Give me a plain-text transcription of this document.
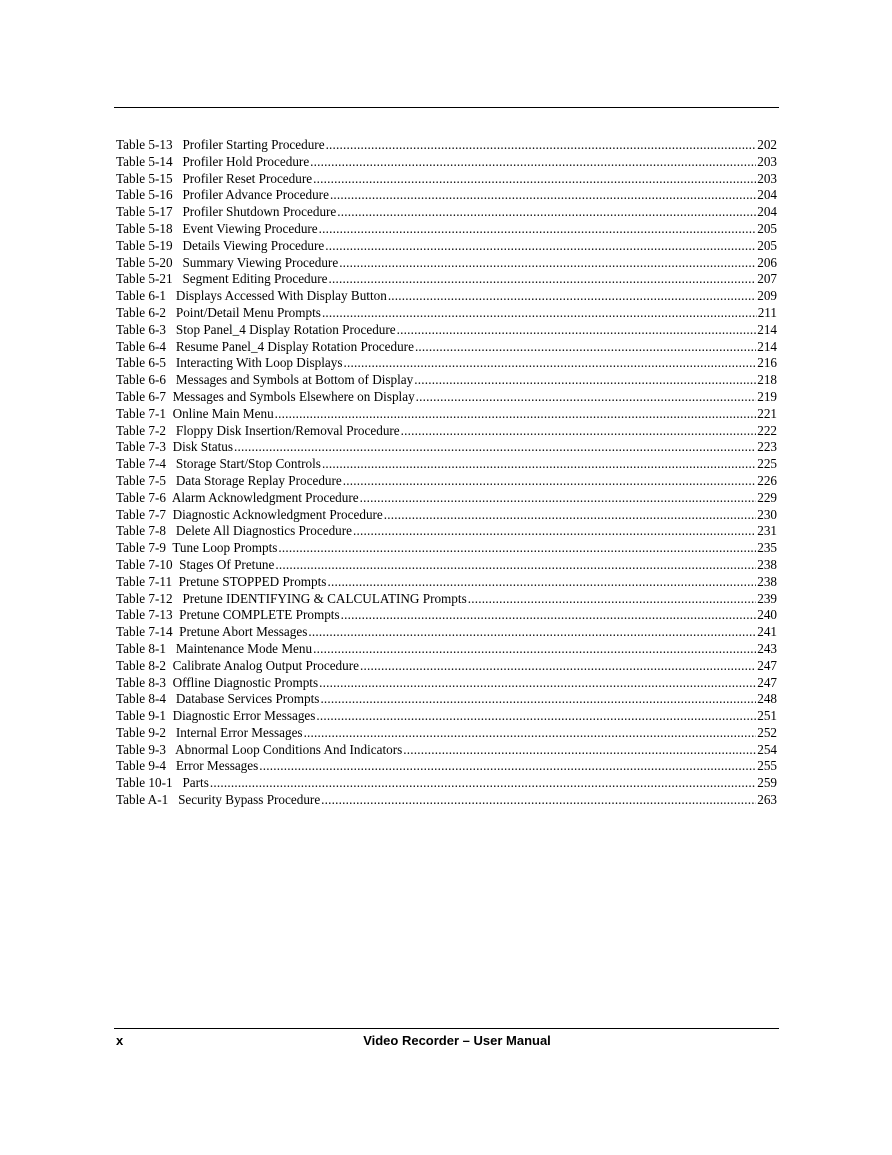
Table 5-13   Profiler Starting Procedure .....	202
Table 5-14   Profiler Hold Procedure .....	203
Table 5-15   Profiler Reset Procedure .....	203
Table 5-16   Profiler Advance Procedure .....	204
Table 5-17   Profiler Shutdown Procedure .....	204
Table 5-18   Event Viewing Procedure .....	205
Table 5-19   Details Viewing Procedure .....	205
Table 5-20   Summary Viewing Procedure .....	206
Table 5-21   Segment Editing Procedure .....	207
Table 6-1   Displays Accessed With Display Button .....	209
Table 6-2   Point/Detail Menu Prompts .....	211
Table 6-3   Stop Panel_4 Display Rotation Procedure .....	214
Table 6-4   Resume Panel_4 Display Rotation Procedure .....	214
Table 6-5   Interacting With Loop Displays .....	216
Table 6-6   Messages and Symbols at Bottom of Display .....	218
Table 6-7  Messages and Symbols Elsewhere on Display .....	219
Table 7-1  Online Main Menu .....	221
Table 7-2   Floppy Disk Insertion/Removal Procedure .....	222
Table 7-3  Disk Status .....	223
Table 7-4   Storage Start/Stop Controls .....	225
Table 7-5   Data Storage Replay Procedure .....	226
Table 7-6  Alarm Acknowledgment Procedure .....	229
Table 7-7  Diagnostic Acknowledgment Procedure .....	230
Table 7-8   Delete All Diagnostics Procedure .....	231
Table 7-9  Tune Loop Prompts .....	235
Table 7-10  Stages Of Pretune .....	238
Table 7-11  Pretune STOPPED Prompts .....	238
Table 7-12   Pretune IDENTIFYING & CALCULATING Prompts .....	239
Table 7-13  Pretune COMPLETE Prompts .....	240
Table 7-14  Pretune Abort Messages .....	241
Table 8-1   Maintenance Mode Menu .....	243
Table 8-2  Calibrate Analog Output Procedure .....	247
Table 8-3  Offline Diagnostic Prompts .....	247
Table 8-4   Database Services Prompts .....	248
Table 9-1  Diagnostic Error Messages .....	251
Table 9-2   Internal Error Messages .....	252
Table 9-3   Abnormal Loop Conditions And Indicators .....	254
Table 9-4   Error Messages .....	255
Table 10-1   Parts .....	259
Table A-1   Security Bypass Procedure .....	263
x	Video Recorder – User Manual
